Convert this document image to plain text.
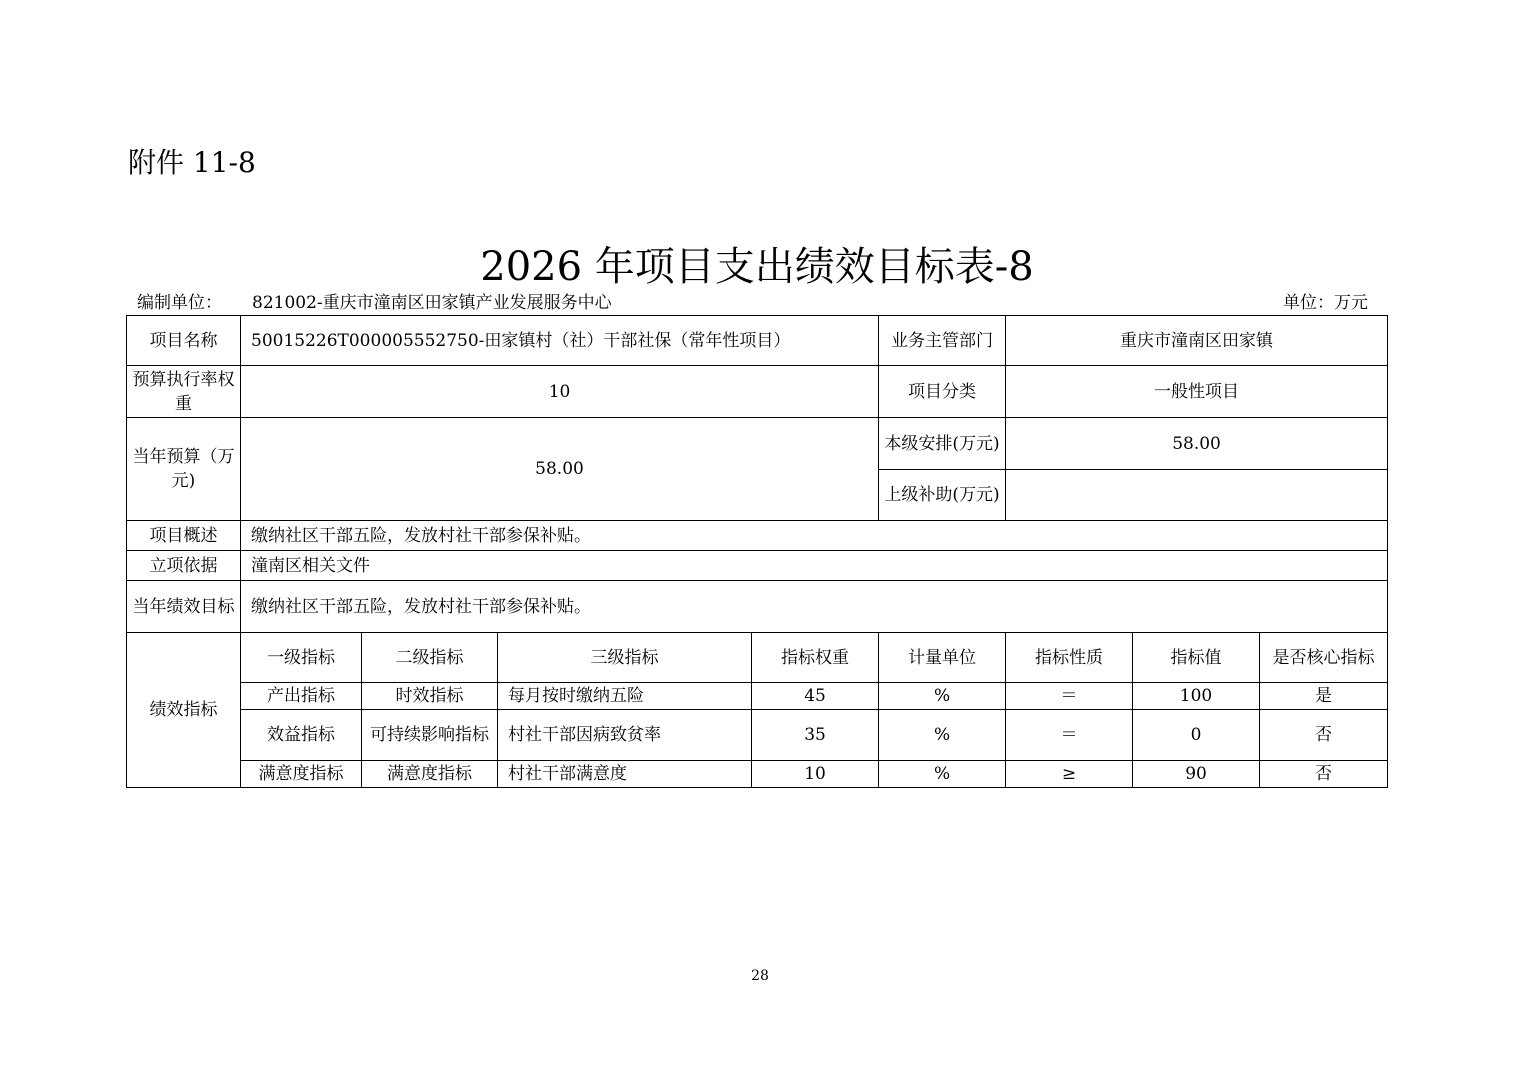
附件 11-8
2026 年项目支出绩效目标表-8
编制单位： 821002-重庆市潼南区田家镇产业发展服务中心	单位：万元
项目名称	50015226T000005552750-田家镇村（社）干部社保（常年性项目）				业务主管部门	重庆市潼南区田家镇		
预算执行率权重	10				项目分类	一般性项目		
当年预算（万元)	58.00				本级安排(万元)	58.00		
					上级补助(万元)			
项目概述	缴纳社区干部五险，发放村社干部参保补贴。							
立项依据	潼南区相关文件							
当年绩效目标	缴纳社区干部五险，发放村社干部参保补贴。							
绩效指标	一级指标	二级指标	三级指标	指标权重	计量单位	指标性质	指标值	是否核心指标
	产出指标	时效指标	每月按时缴纳五险	45	%	＝	100	是
	效益指标	可持续影响指标	村社干部因病致贫率	35	%	＝	0	否
	满意度指标	满意度指标	村社干部满意度	10	%	≥	90	否
28
